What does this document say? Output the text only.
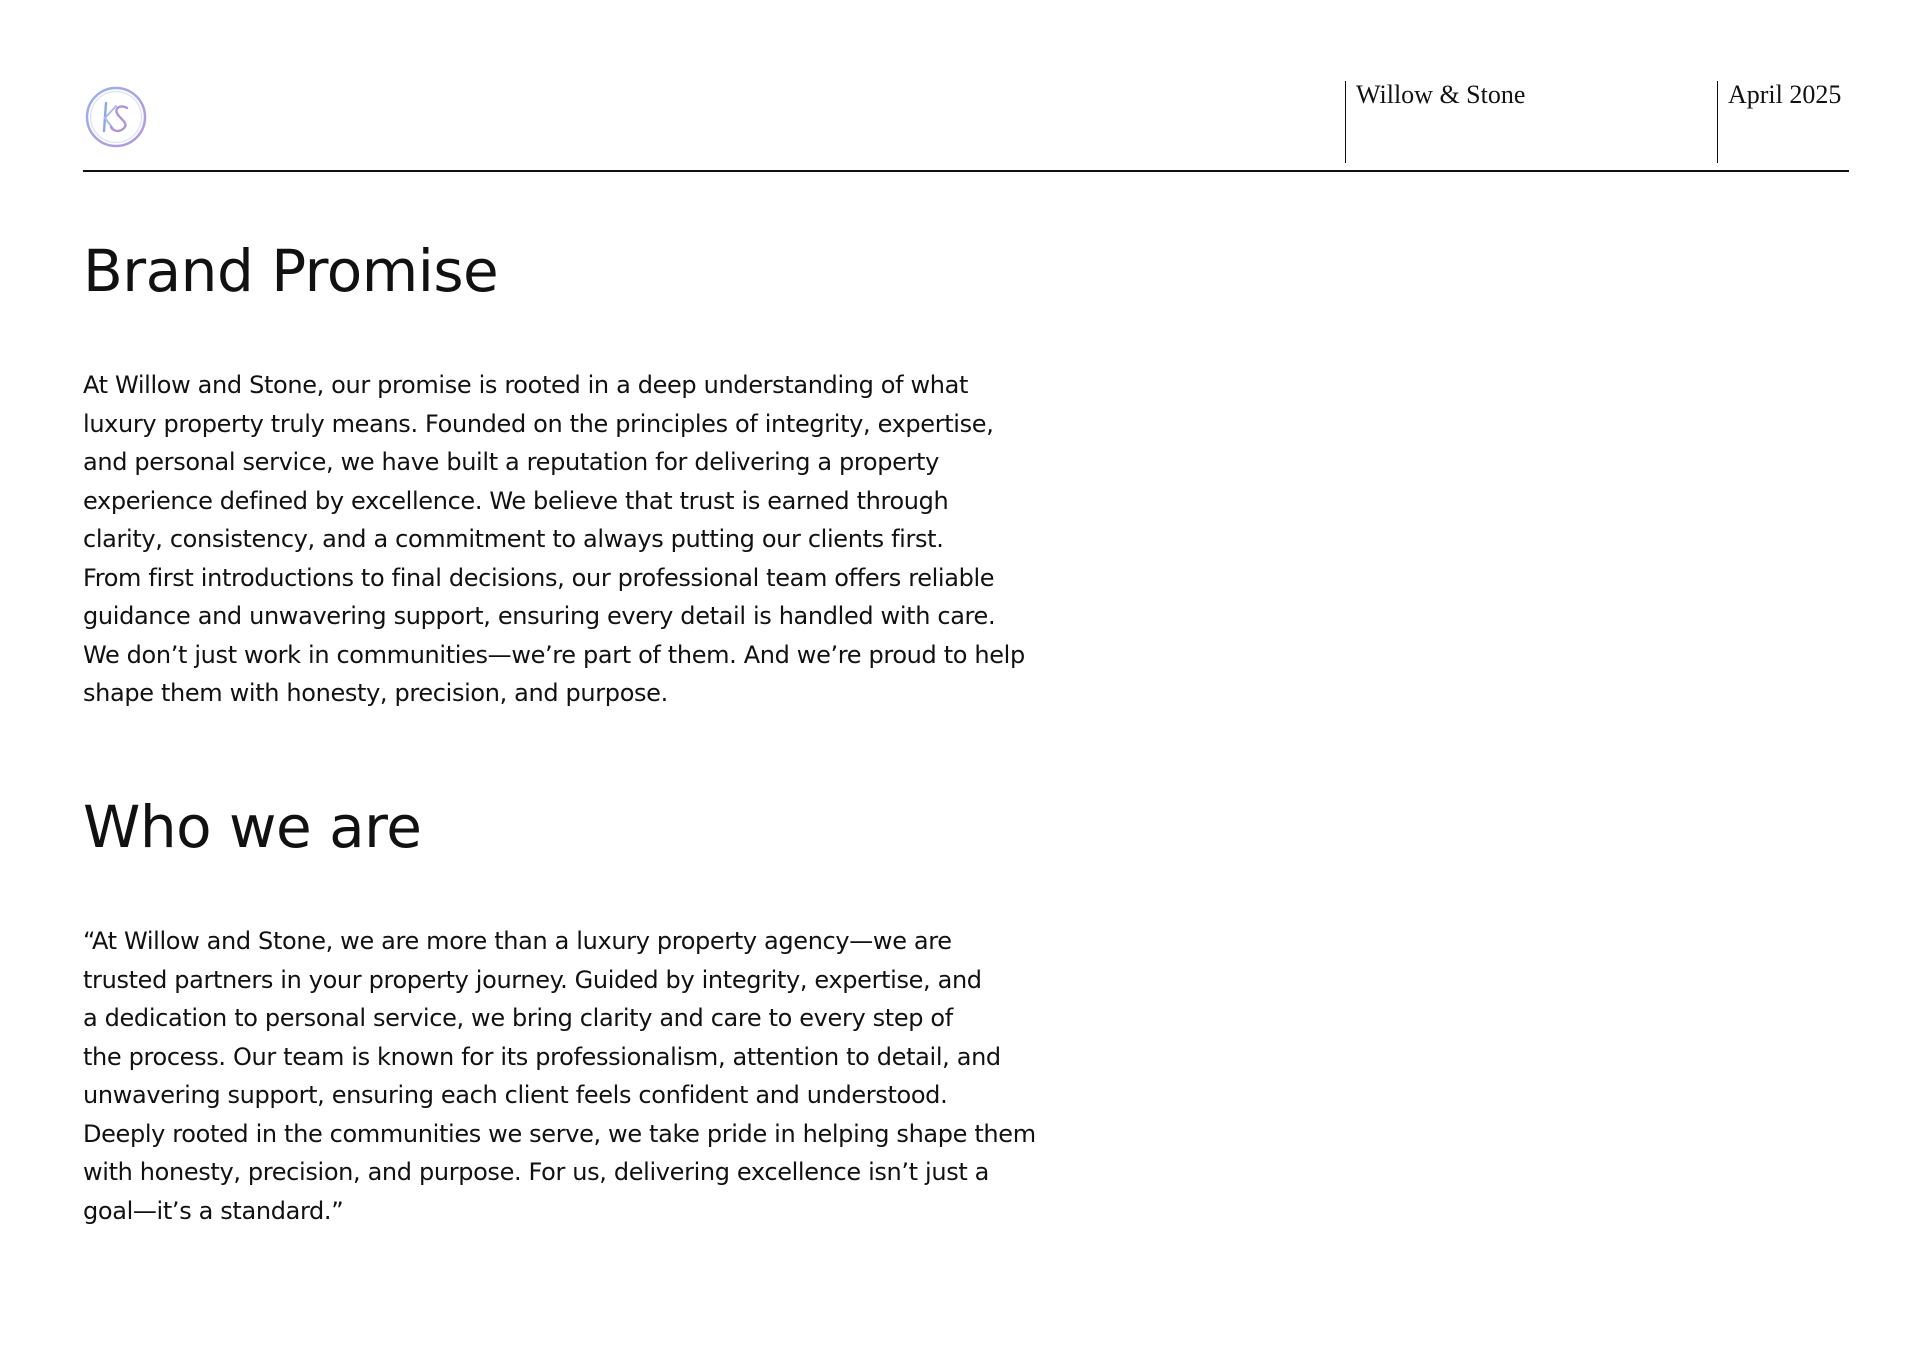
Willow & Stone	April 2025
Brand Promise

At Willow and Stone, our promise is rooted in a deep understanding of what
luxury property truly means. Founded on the principles of integrity, expertise,
and personal service, we have built a reputation for delivering a property
experience defined by excellence. We believe that trust is earned through
clarity, consistency, and a commitment to always putting our clients first.
From first introductions to final decisions, our professional team offers reliable
guidance and unwavering support, ensuring every detail is handled with care.
We don’t just work in communities—we’re part of them. And we’re proud to help
shape them with honesty, precision, and purpose.

Who we are

“At Willow and Stone, we are more than a luxury property agency—we are
trusted partners in your property journey. Guided by integrity, expertise, and
a dedication to personal service, we bring clarity and care to every step of
the process. Our team is known for its professionalism, attention to detail, and
unwavering support, ensuring each client feels confident and understood.
Deeply rooted in the communities we serve, we take pride in helping shape them
with honesty, precision, and purpose. For us, delivering excellence isn’t just a
goal—it’s a standard.”
